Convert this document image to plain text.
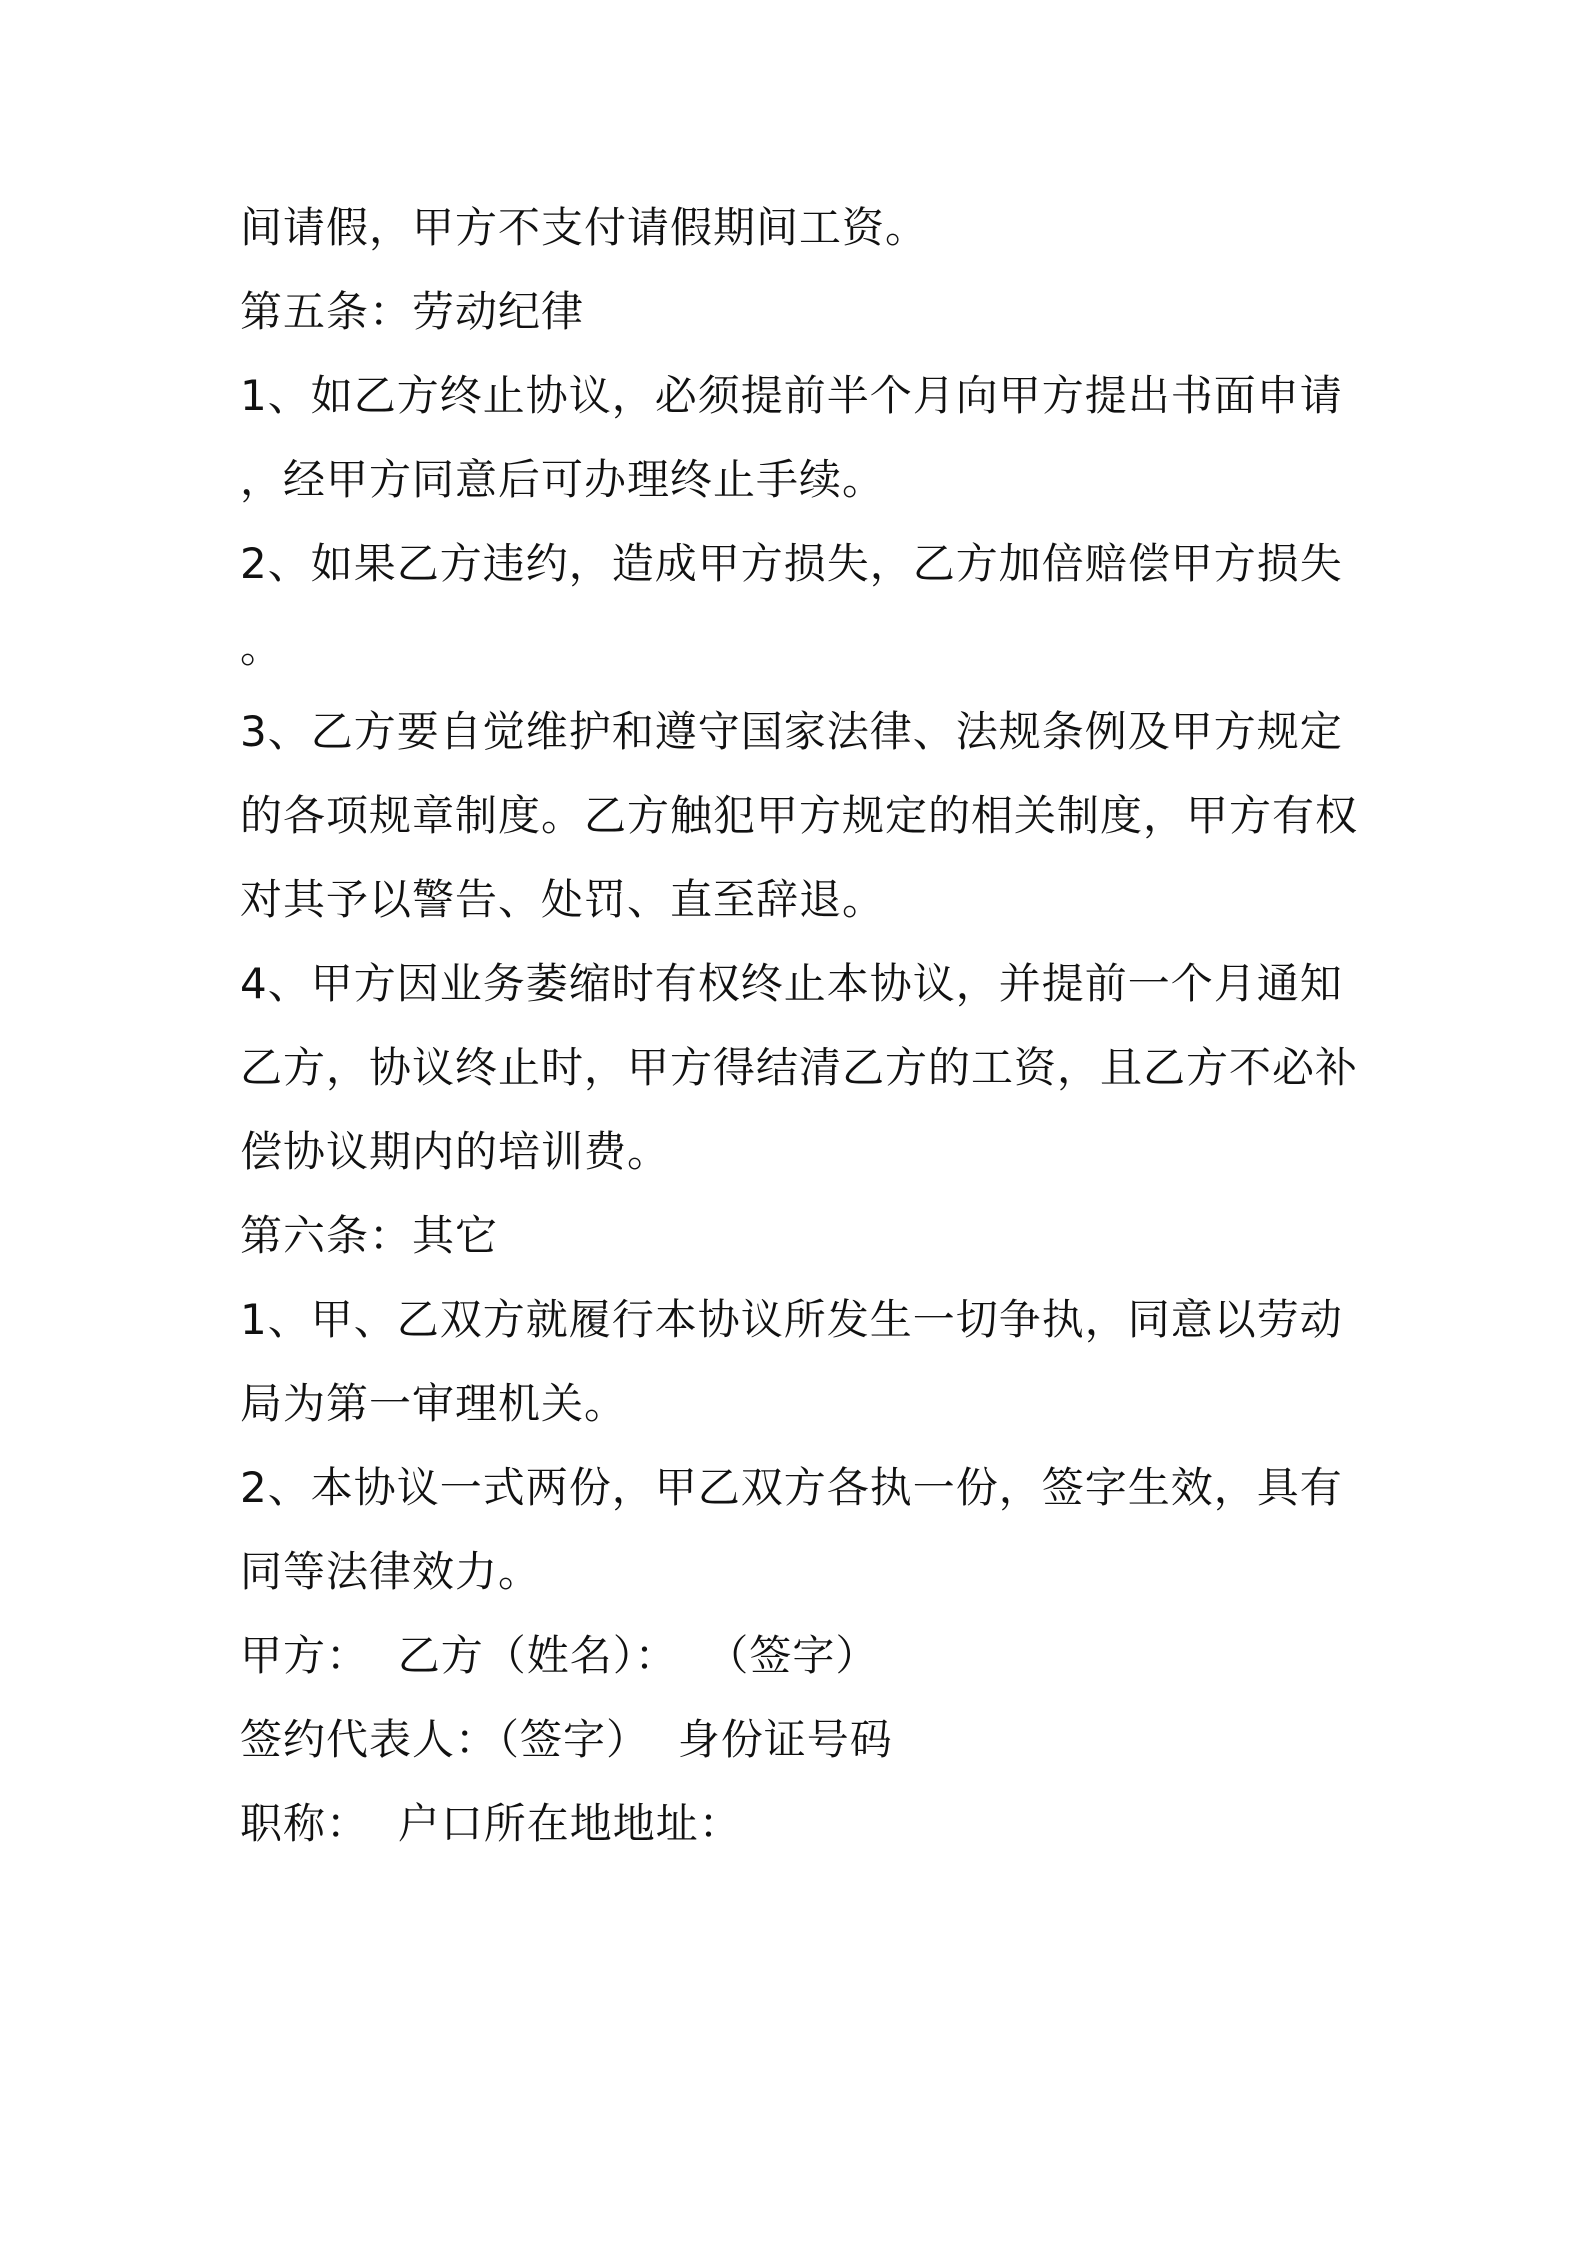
间请假，甲方不支付请假期间工资。
第五条：劳动纪律
1、如乙方终止协议，必须提前半个月向甲方提出书面申请
，经甲方同意后可办理终止手续。
2、如果乙方违约，造成甲方损失，乙方加倍赔偿甲方损失
。
3、乙方要自觉维护和遵守国家法律、法规条例及甲方规定
的各项规章制度。乙方触犯甲方规定的相关制度，甲方有权
对其予以警告、处罚、直至辞退。
4、甲方因业务萎缩时有权终止本协议，并提前一个月通知
乙方，协议终止时，甲方得结清乙方的工资，且乙方不必补
偿协议期内的培训费。
第六条：其它
1、甲、乙双方就履行本协议所发生一切争执，同意以劳动
局为第一审理机关。
2、本协议一式两份，甲乙双方各执一份，签字生效，具有
同等法律效力。
甲方：  乙方（姓名）：  （签字）
签约代表人：（签字）  身份证号码
职称：  户口所在地地址：
